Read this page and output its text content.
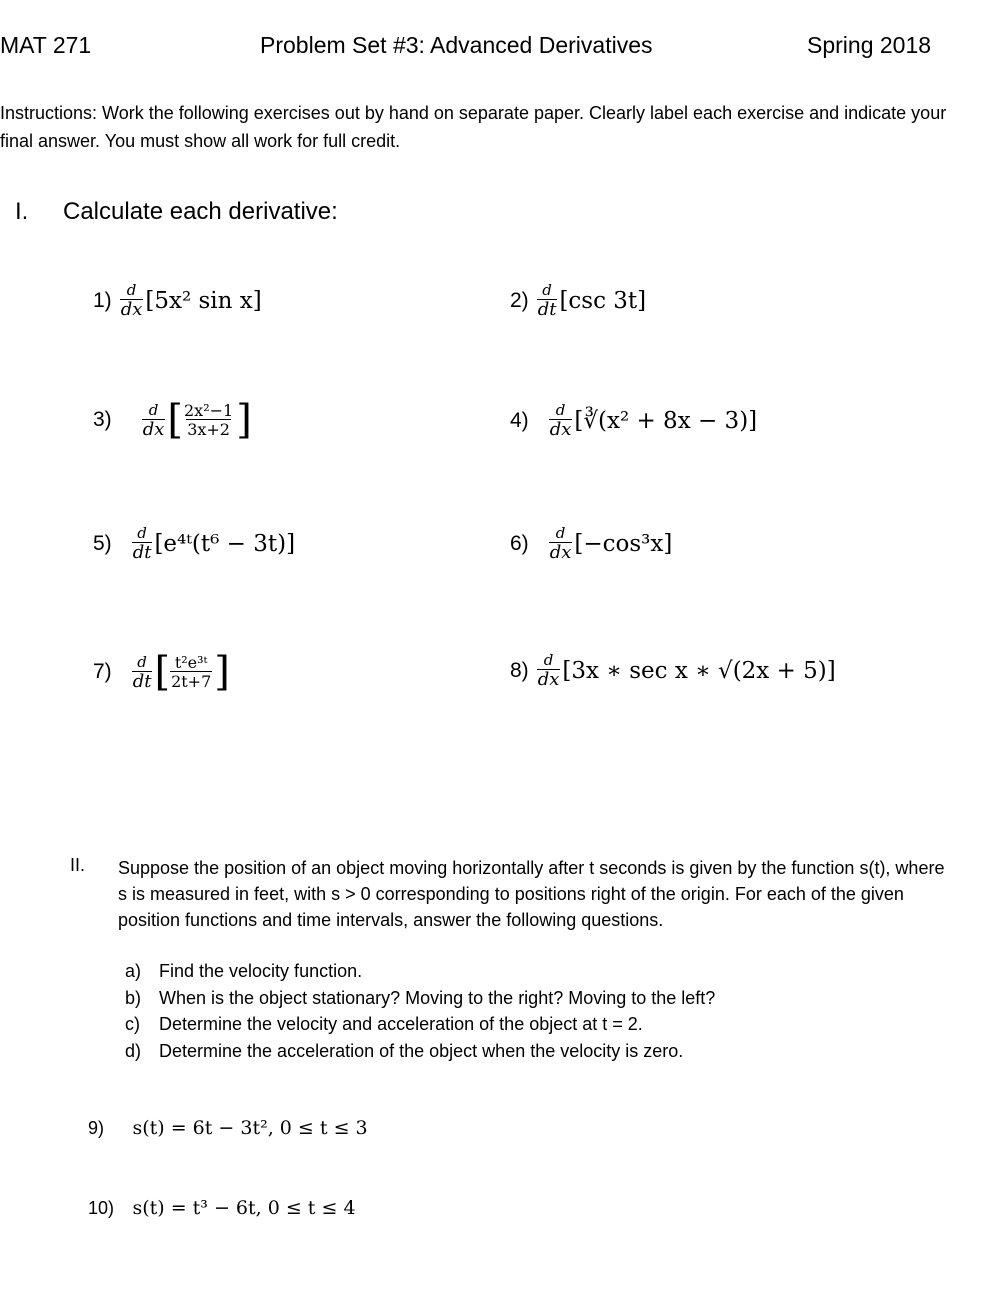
MAT 271	Problem Set #3: Advanced Derivatives	Spring 2018
Instructions: Work the following exercises out by hand on separate paper. Clearly label each exercise and indicate your final answer. You must show all work for full credit.
I. Calculate each derivative:
$1) \frac{d}{dx} [5x^2$ sin x]	$2) \frac{d}{dt} [\csc$ 3t]
$3) \frac{d}{dx}$ [ $\frac{\text{2x²−1}}{3x+2}$ ]	$4) \frac{d}{dx}$ [∛(x² + 8x − 3)]
$5) \frac{d}{dt}$ [e⁴ᵗ(t⁶ − 3t)]	$6) \frac{d}{dx} [-\cos^3x]$
$7) \frac{d}{dt}$ [ $\frac{\text{t²e³ᵗ}}{2t+7}$ ]	$8) \frac{d}{dx} [3x$ ∗ sec x ∗ √(2x + 5)]
II. Suppose the position of an object moving horizontally after t seconds is given by the function s(t), where s is measured in feet, with s > 0 corresponding to positions right of the origin. For each of the given position functions and time intervals, answer the following questions.
a) Find the velocity function.
b) When is the object stationary? Moving to the right? Moving to the left?
c) Determine the velocity and acceleration of the object at t = 2.
d) Determine the acceleration of the object when the velocity is zero.
9) s(t) = 6t − 3t², 0 ≤ t ≤ 3
10) s(t) = t³ − 6t, 0 ≤ t ≤ 4
